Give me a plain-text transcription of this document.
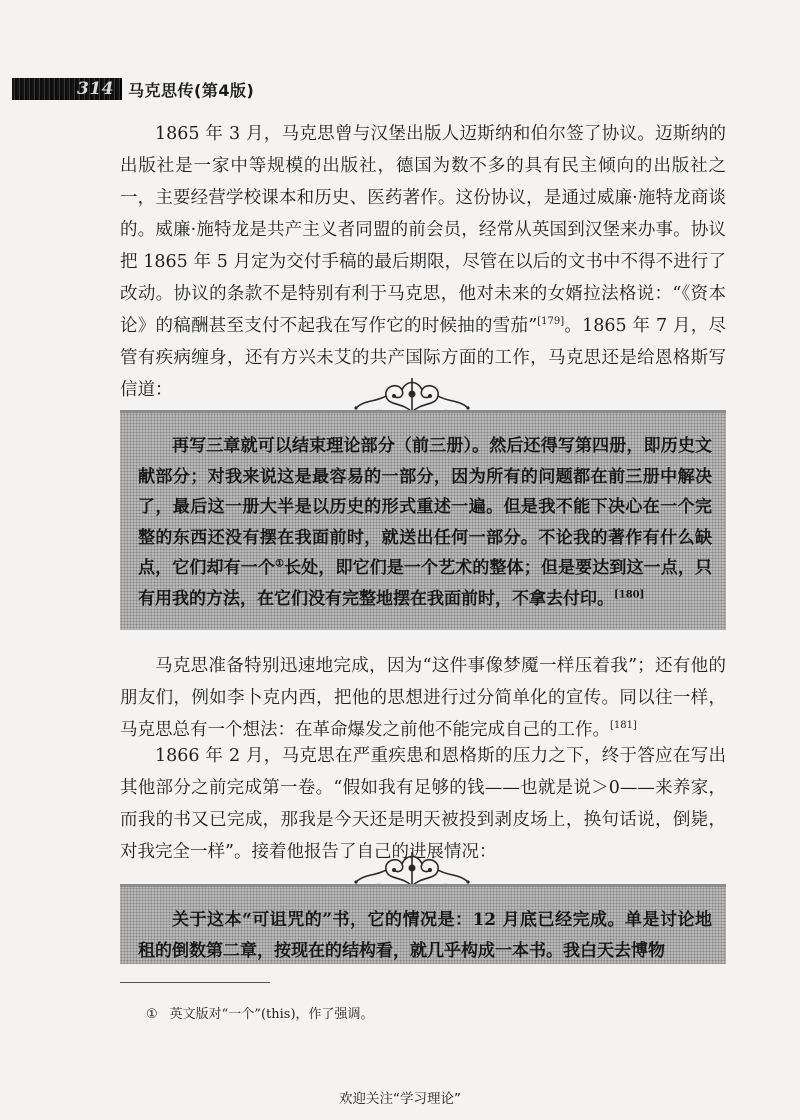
314 马克思传(第4版)

1865 年 3 月，马克思曾与汉堡出版人迈斯纳和伯尔签了协议。迈斯纳的出版社是一家中等规模的出版社，德国为数不多的具有民主倾向的出版社之一，主要经营学校课本和历史、医药著作。这份协议，是通过威廉·施特龙商谈的。威廉·施特龙是共产主义者同盟的前会员，经常从英国到汉堡来办事。协议把 1865 年 5 月定为交付手稿的最后期限，尽管在以后的文书中不得不进行了改动。协议的条款不是特别有利于马克思，他对未来的女婿拉法格说：“《资本论》的稿酬甚至支付不起我在写作它的时候抽的雪茄”[179]。1865 年 7 月，尽管有疾病缠身，还有方兴未艾的共产国际方面的工作，马克思还是给恩格斯写信道：

再写三章就可以结束理论部分（前三册）。然后还得写第四册，即历史文献部分；对我来说这是最容易的一部分，因为所有的问题都在前三册中解决了，最后这一册大半是以历史的形式重述一遍。但是我不能下决心在一个完整的东西还没有摆在我面前时，就送出任何一部分。不论我的著作有什么缺点，它们却有一个①长处，即它们是一个艺术的整体；但是要达到这一点，只有用我的方法，在它们没有完整地摆在我面前时，不拿去付印。[180]

马克思准备特别迅速地完成，因为“这件事像梦魇一样压着我”；还有他的朋友们，例如李卜克内西，把他的思想进行过分简单化的宣传。同以往一样，马克思总有一个想法：在革命爆发之前他不能完成自己的工作。[181]

1866 年 2 月，马克思在严重疾患和恩格斯的压力之下，终于答应在写出其他部分之前完成第一卷。“假如我有足够的钱——也就是说＞0——来养家，而我的书又已完成，那我是今天还是明天被投到剥皮场上，换句话说，倒毙，对我完全一样”。接着他报告了自己的进展情况：

关于这本“可诅咒的”书，它的情况是：12 月底已经完成。单是讨论地租的倒数第二章，按现在的结构看，就几乎构成一本书。我白天去博物

① 英文版对“一个”(this)，作了强调。
欢迎关注“学习理论”
